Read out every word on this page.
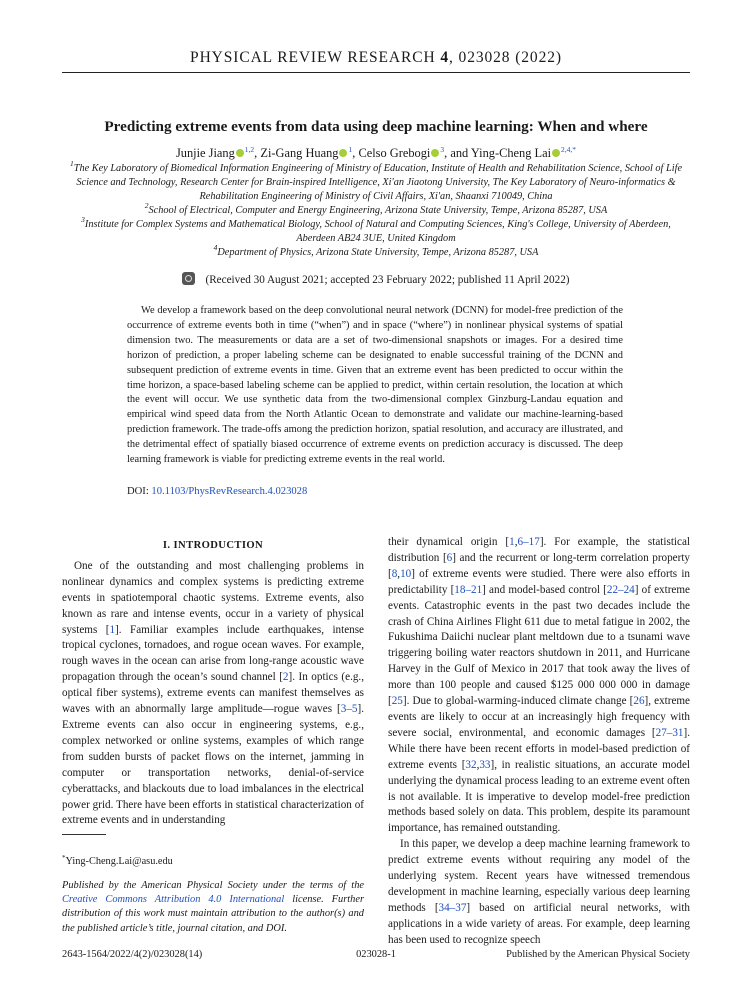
PHYSICAL REVIEW RESEARCH 4, 023028 (2022)
Predicting extreme events from data using deep machine learning: When and where
Junjie Jiang $^{1,2}$, Zi-Gang Huang $^1$, Celso Grebogi $^3$, and Ying-Cheng Lai $^{2,4,*}$

$^1$The Key Laboratory of Biomedical Information Engineering of Ministry of Education, Institute of Health and Rehabilitation Science, School of Life Science and Technology, Research Center for Brain-inspired Intelligence, Xi'an Jiaotong University, The Key Laboratory of Neuro-informatics & Rehabilitation Engineering of Ministry of Civil Affairs, Xi'an, Shaanxi 710049, China

$^2$School of Electrical, Computer and Energy Engineering, Arizona State University, Tempe, Arizona 85287, USA

$^3$Institute for Complex Systems and Mathematical Biology, School of Natural and Computing Sciences, King's College, University of Aberdeen, Aberdeen AB24 3UE, United Kingdom

$^4$Department of Physics, Arizona State University, Tempe, Arizona 85287, USA

(Received 30 August 2021; accepted 23 February 2022; published 11 April 2022)

We develop a framework based on the deep convolutional neural network (DCNN) for model-free prediction of the occurrence of extreme events both in time (“when”) and in space (“where”) in nonlinear physical systems of spatial dimension two. The measurements or data are a set of two-dimensional snapshots or images. For a desired time horizon of prediction, a proper labeling scheme can be designated to enable successful training of the DCNN and subsequent prediction of extreme events in time. Given that an extreme event has been predicted to occur within the time horizon, a space-based labeling scheme can be applied to predict, within certain resolution, the location at which the event will occur. We use synthetic data from the two-dimensional complex Ginzburg-Landau equation and empirical wind speed data from the North Atlantic Ocean to demonstrate and validate our machine-learning-based prediction framework. The trade-offs among the prediction horizon, spatial resolution, and accuracy are illustrated, and the detrimental effect of spatially biased occurrence of extreme events on prediction accuracy is discussed. The deep learning framework is viable for predicting extreme events in the real world.

DOI: 10.1103/PhysRevResearch.4.023028
I. INTRODUCTION

One of the outstanding and most challenging problems in nonlinear dynamics and complex systems is predicting extreme events in spatiotemporal chaotic systems. Extreme events, also known as rare and intense events, occur in a variety of physical systems [1]. Familiar examples include earthquakes, intense tropical cyclones, tornadoes, and rogue ocean waves. For example, rough waves in the ocean can arise from long-range acoustic wave propagation through the ocean’s sound channel [2]. In optics (e.g., optical fiber systems), extreme events can manifest themselves as waves with an abnormally large amplitude—rogue waves [3–5]. Extreme events can also occur in engineering systems, e.g., complex networked or online systems, examples of which range from sudden bursts of packet flows on the internet, jamming in computer or transportation networks, denial-of-service cyberattacks, and blackouts due to load imbalances in the electrical power grid. There have been efforts in statistical characterization of extreme events and in understanding

their dynamical origin [1,6–17]. For example, the statistical distribution [6] and the recurrent or long-term correlation property [8,10] of extreme events were studied. There were also efforts in predictability [18–21] and model-based control [22–24] of extreme events. Catastrophic events in the past two decades include the crash of China Airlines Flight 611 due to metal fatigue in 2002, the Fukushima Daiichi nuclear plant meltdown due to a tsunami wave triggering boiling water reactors shutdown in 2011, and Hurricane Harvey in the Gulf of Mexico in 2017 that took away the lives of more than 100 people and caused $125 000 000 000 in damage [25]. Due to global-warming-induced climate change [26], extreme events are likely to occur at an increasingly high frequency with severe social, environmental, and economic damages [27–31]. While there have been recent efforts in model-based prediction of extreme events [32,33], in realistic situations, an accurate model underlying the dynamical process leading to an extreme event often is not available. It is imperative to develop model-free prediction methods based solely on data. This problem, despite its paramount importance, has remained outstanding.

In this paper, we develop a deep machine learning framework to predict extreme events without requiring any model of the underlying system. Recent years have witnessed tremendous development in machine learning, especially various deep learning methods [34–37] based on artificial neural networks, with applications in a wide variety of areas. For example, deep learning has been used to recognize speech

*Ying-Cheng.Lai@asu.edu
Published by the American Physical Society under the terms of the Creative Commons Attribution 4.0 International license. Further distribution of this work must maintain attribution to the author(s) and the published article’s title, journal citation, and DOI.
2643-1564/2022/4(2)/023028(14)	023028-1	Published by the American Physical Society
